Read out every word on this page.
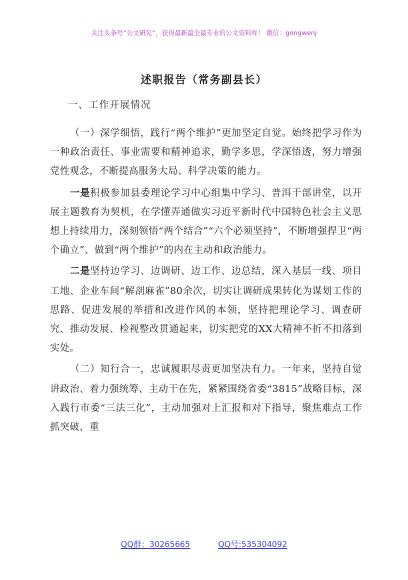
关注头条号“公文研究”，获得最新最全最专业的公文资料库！ 微信：gongwenj
述职报告（常务副县长）

一、工作开展情况

（一）深学细悟，践行“两个维护”更加坚定自觉。始终把学习作为一种政治责任、事业需要和精神追求，勤学多思，学深悟透，努力增强党性观念，不断提高服务大局、科学决策的能力。

一是积极参加县委理论学习中心组集中学习、普洱干部讲堂，以开展主题教育为契机，在学懂弄通做实习近平新时代中国特色社会主义思想上持续用力，深刻领悟“两个结合”“六个必须坚持”，不断增强捍卫“两个确立”、做到“两个维护”的内在主动和政治能力。

二是坚持边学习、边调研、边工作、边总结，深入基层一线、项目工地、企业车间“解剖麻雀”80余次，切实让调研成果转化为谋划工作的思路、促进发展的举措和改进作风的本领，坚持把理论学习、调查研究、推动发展、检视整改贯通起来，切实把党的XX大精神不折不扣落到实处。

（二）知行合一，忠诚履职尽责更加坚决有力。一年来，坚持自觉讲政治、着力强统筹、主动干在先，紧紧围绕省委“3815”战略目标，深入践行市委“三法三化”，主动加强对上汇报和对下指导，聚焦难点工作抓突破、重

QQ群：30265665	QQ号:535304092
